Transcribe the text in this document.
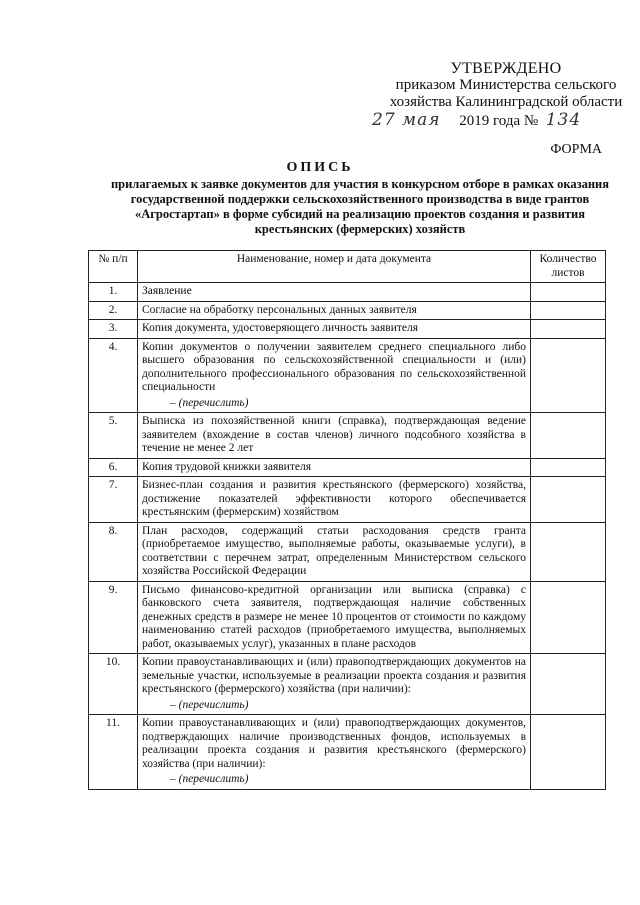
УТВЕРЖДЕНО
приказом Министерства сельского
хозяйства Калининградской области
27 мая 2019 года № 134
ФОРМА
ОПИСЬ
прилагаемых к заявке документов для участия в конкурсном отборе в рамках оказания государственной поддержки сельскохозяйственного производства в виде грантов «Агростартап» в форме субсидий на реализацию проектов создания и развития крестьянских (фермерских) хозяйств
№ п/п	Наименование, номер и дата документа	Количество листов
1.	Заявление	

2.	Согласие на обработку персональных данных заявителя	

3.	Копия документа, удостоверяющего личность заявителя	

4.	Копии документов о получении заявителем среднего специального либо высшего образования по сельскохозяйственной специальности и (или) дополнительного профессионального образования по сельскохозяйственной специальности
– (перечислить)	

5.	Выписка из похозяйственной книги (справка), подтверждающая ведение заявителем (вхождение в состав членов) личного подсобного хозяйства в течение не менее 2 лет	

6.	Копия трудовой книжки заявителя	

7.	Бизнес-план создания и развития крестьянского (фермерского) хозяйства, достижение показателей эффективности которого обеспечивается крестьянским (фермерским) хозяйством	

8.	План расходов, содержащий статьи расходования средств гранта (приобретаемое имущество, выполняемые работы, оказываемые услуги), в соответствии с перечнем затрат, определенным Министерством сельского хозяйства Российской Федерации	

9.	Письмо финансово-кредитной организации или выписка (справка) с банковского счета заявителя, подтверждающая наличие собственных денежных средств в размере не менее 10 процентов от стоимости по каждому наименованию статей расходов (приобретаемого имущества, выполняемых работ, оказываемых услуг), указанных в плане расходов	

10.	Копии правоустанавливающих и (или) правоподтверждающих документов на земельные участки, используемые в реализации проекта создания и развития крестьянского (фермерского) хозяйства (при наличии):
– (перечислить)	

11.	Копии правоустанавливающих и (или) правоподтверждающих документов, подтверждающих наличие производственных фондов, используемых в реализации проекта создания и развития крестьянского (фермерского) хозяйства (при наличии):
– (перечислить)	
